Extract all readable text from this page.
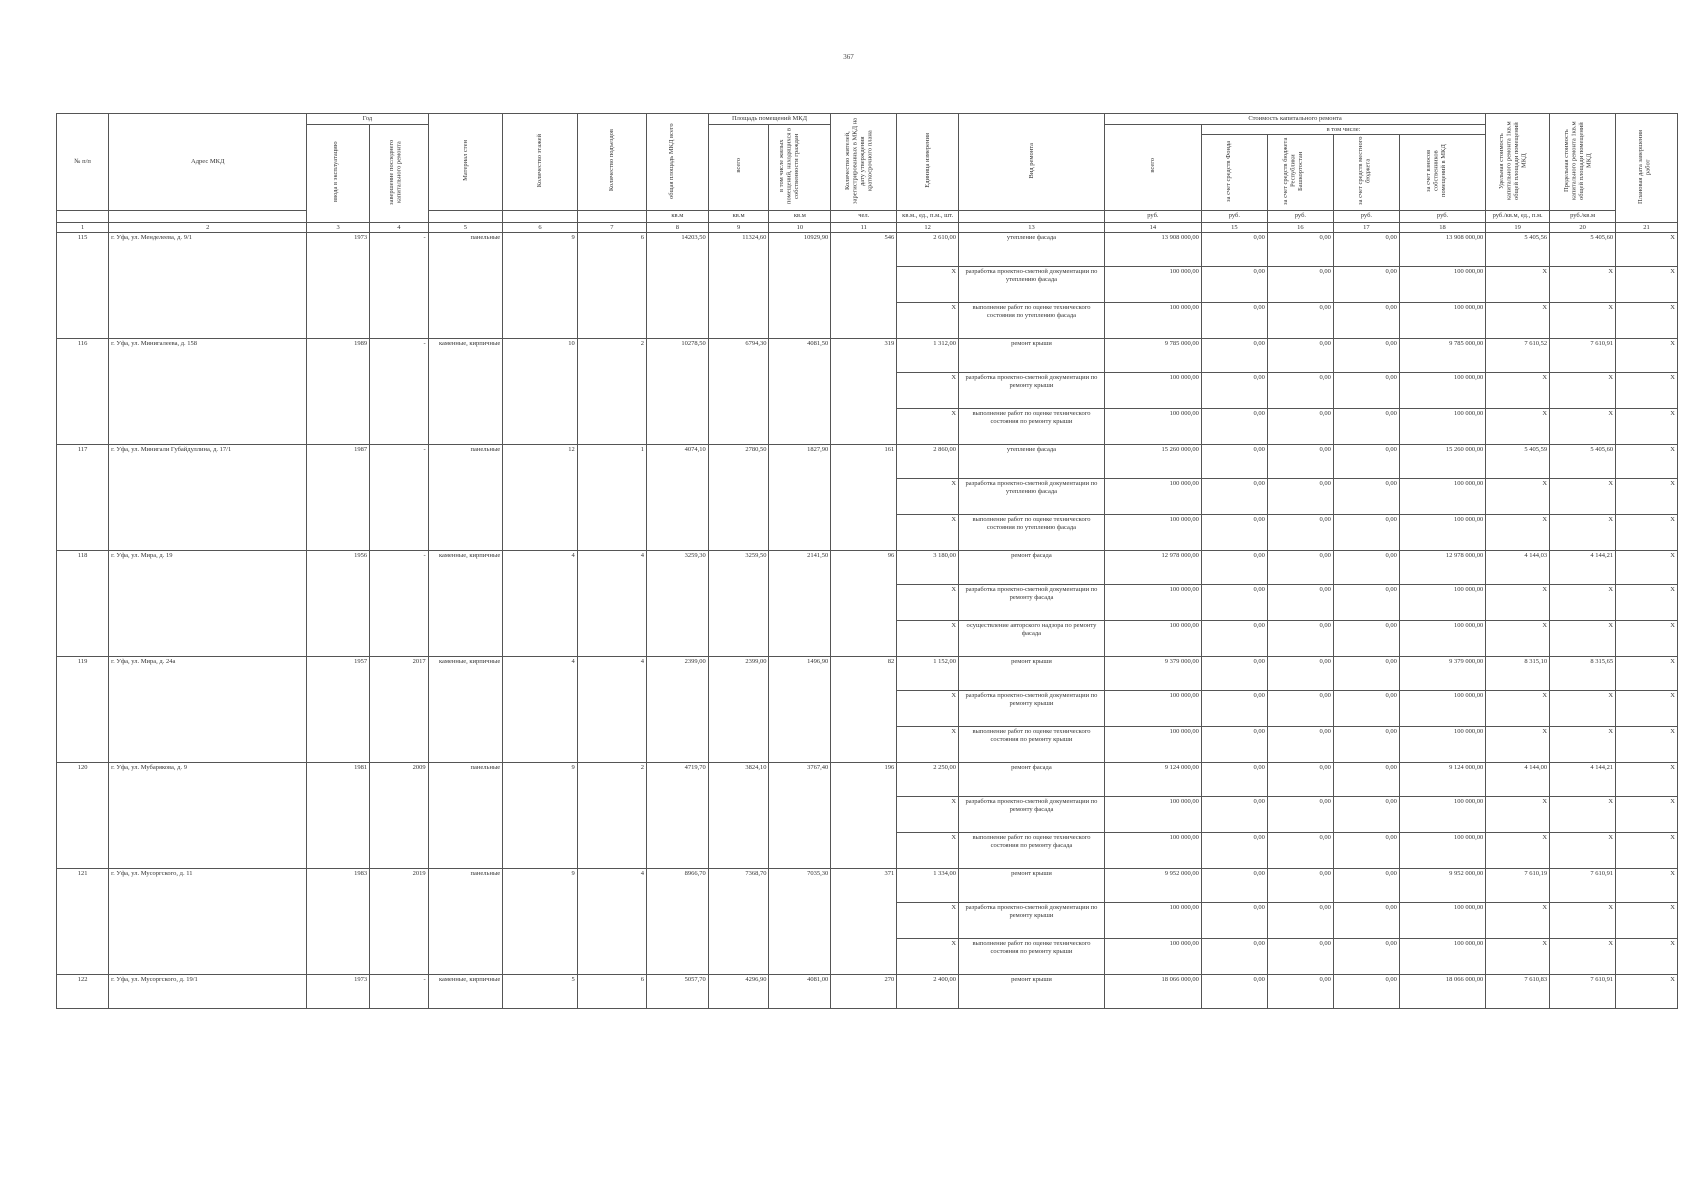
367
№ п/п	Адрес МКД	Год		Материал стен	Количество этажей	Количество подъездов	общая площадь МКД всего	Площадь помещений МКД		Количество жителей, зарегистрированных в МКД на дату утверждения краткосрочного плана	Единица измерения	Вид ремонта	Стоимость капитального ремонта					Удельная стоимость капитального ремонта 1кв.м общей площади помещений МКД	Предельная стоимость капитального ремонта 1кв.м общей площади помещений МКД	Плановая дата завершения работ
		ввода в эксплуатацию	завершение последнего капитального ремонта					всего	в том числе жилых помещений, находящихся в собственности граждан				всего	в том числе:						
														за счет средств Фонда	за счет средств бюджета Республики Башкортостан	за счет средств местного бюджета	за счет взносов собственников помещений в МКД			
							кв.м	кв.м	кв.м	чел.	кв.м., ед., п.м., шт.		руб.	руб.	руб.	руб.	руб.	руб./кв.м, ед., п.м.	руб./кв.м	
1	2	3	4	5	6	7	8	9	10	11	12	13	14	15	16	17	18	19	20	21
115	г. Уфа, ул. Менделеева, д. 9/1	1973	-	панельные	9	6	14203,50	11324,60	10929,90	546	2 610,00	утепление фасада	13 908 000,00	0,00	0,00	0,00	13 908 000,00	5 405,56	5 405,60	X
											X	разработка проектно-сметной документации по утеплению фасада	100 000,00	0,00	0,00	0,00	100 000,00	X	X	X
											X	выполнение работ по оценке технического состояния по утеплению фасада	100 000,00	0,00	0,00	0,00	100 000,00	X	X	X
116	г. Уфа, ул. Минигалеева, д. 158	1989	-	каменные, кирпичные	10	2	10278,50	6794,30	4081,50	319	1 312,00	ремонт крыши	9 785 000,00	0,00	0,00	0,00	9 785 000,00	7 610,52	7 610,91	X
											X	разработка проектно-сметной документации по ремонту крыши	100 000,00	0,00	0,00	0,00	100 000,00	X	X	X
											X	выполнение работ по оценке технического состояния по ремонту крыши	100 000,00	0,00	0,00	0,00	100 000,00	X	X	X
117	г. Уфа, ул. Минигали Губайдуллина, д. 17/1	1987	-	панельные	12	1	4074,10	2780,50	1827,90	161	2 860,00	утепление фасада	15 260 000,00	0,00	0,00	0,00	15 260 000,00	5 405,59	5 405,60	X
											X	разработка проектно-сметной документации по утеплению фасада	100 000,00	0,00	0,00	0,00	100 000,00	X	X	X
											X	выполнение работ по оценке технического состояния по утеплению фасада	100 000,00	0,00	0,00	0,00	100 000,00	X	X	X
118	г. Уфа, ул. Мира, д. 19	1956	-	каменные, кирпичные	4	4	3259,30	3259,50	2141,50	96	3 180,00	ремонт фасада	12 978 000,00	0,00	0,00	0,00	12 978 000,00	4 144,03	4 144,21	X
											X	разработка проектно-сметной документации по ремонту фасада	100 000,00	0,00	0,00	0,00	100 000,00	X	X	X
											X	осуществление авторского надзора по ремонту фасада	100 000,00	0,00	0,00	0,00	100 000,00	X	X	X
119	г. Уфа, ул. Мира, д. 24а	1957	2017	каменные, кирпичные	4	4	2399,00	2399,00	1496,90	82	1 152,00	ремонт крыши	9 379 000,00	0,00	0,00	0,00	9 379 000,00	8 315,10	8 315,65	X
											X	разработка проектно-сметной документации по ремонту крыши	100 000,00	0,00	0,00	0,00	100 000,00	X	X	X
											X	выполнение работ по оценке технического состояния по ремонту крыши	100 000,00	0,00	0,00	0,00	100 000,00	X	X	X
120	г. Уфа, ул. Мубарякова, д. 9	1981	2009	панельные	9	2	4719,70	3824,10	3767,40	196	2 250,00	ремонт фасада	9 124 000,00	0,00	0,00	0,00	9 124 000,00	4 144,00	4 144,21	X
											X	разработка проектно-сметной документации по ремонту фасада	100 000,00	0,00	0,00	0,00	100 000,00	X	X	X
											X	выполнение работ по оценке технического состояния по ремонту фасада	100 000,00	0,00	0,00	0,00	100 000,00	X	X	X
121	г. Уфа, ул. Мусоргского, д. 11	1983	2019	панельные	9	4	8966,70	7368,70	7035,30	371	1 334,00	ремонт крыши	9 952 000,00	0,00	0,00	0,00	9 952 000,00	7 610,19	7 610,91	X
											X	разработка проектно-сметной документации по ремонту крыши	100 000,00	0,00	0,00	0,00	100 000,00	X	X	X
											X	выполнение работ по оценке технического состояния по ремонту крыши	100 000,00	0,00	0,00	0,00	100 000,00	X	X	X
122	г. Уфа, ул. Мусоргского, д. 19/1	1973	-	каменные, кирпичные	5	6	5057,70	4296,90	4081,00	270	2 400,00	ремонт крыши	18 066 000,00	0,00	0,00	0,00	18 066 000,00	7 610,83	7 610,91	X
